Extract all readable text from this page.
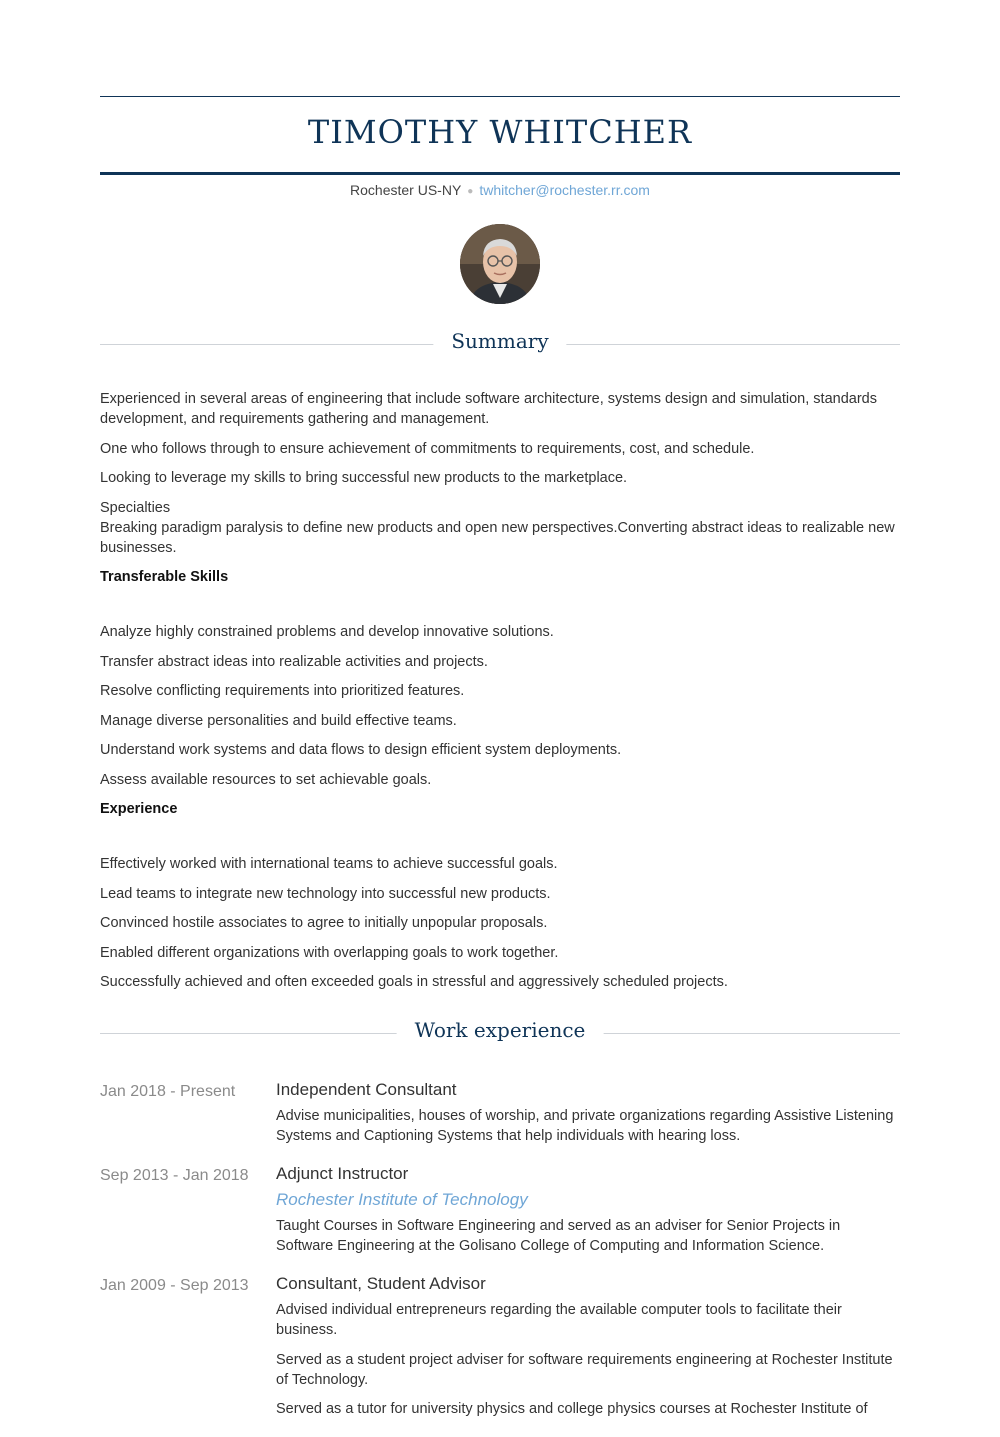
TIMOTHY WHITCHER
Rochester US-NY ● twhitcher@rochester.rr.com
Summary

Experienced in several areas of engineering that include software architecture, systems design and simulation, standards development, and requirements gathering and management.

One who follows through to ensure achievement of commitments to requirements, cost, and schedule.

Looking to leverage my skills to bring successful new products to the marketplace.

Specialties
Breaking paradigm paralysis to define new products and open new perspectives.Converting abstract ideas to realizable new businesses.

Transferable Skills

Analyze highly constrained problems and develop innovative solutions.

Transfer abstract ideas into realizable activities and projects.

Resolve conflicting requirements into prioritized features.

Manage diverse personalities and build effective teams.

Understand work systems and data flows to design efficient system deployments.

Assess available resources to set achievable goals.

Experience

Effectively worked with international teams to achieve successful goals.

Lead teams to integrate new technology into successful new products.

Convinced hostile associates to agree to initially unpopular proposals.

Enabled different organizations with overlapping goals to work together.

Successfully achieved and often exceeded goals in stressful and aggressively scheduled projects.

Work experience
Jan 2018 - Present	Independent Consultant

Advise municipalities, houses of worship, and private organizations regarding Assistive Listening Systems and Captioning Systems that help individuals with hearing loss.

Sep 2013 - Jan 2018	Adjunct Instructor
Rochester Institute of Technology

Taught Courses in Software Engineering and served as an adviser for Senior Projects in Software Engineering at the Golisano College of Computing and Information Science.

Jan 2009 - Sep 2013	Consultant, Student Advisor

Advised individual entrepreneurs regarding the available computer tools to facilitate their business.

Served as a student project adviser for software requirements engineering at Rochester Institute of Technology.

Served as a tutor for university physics and college physics courses at Rochester Institute of
